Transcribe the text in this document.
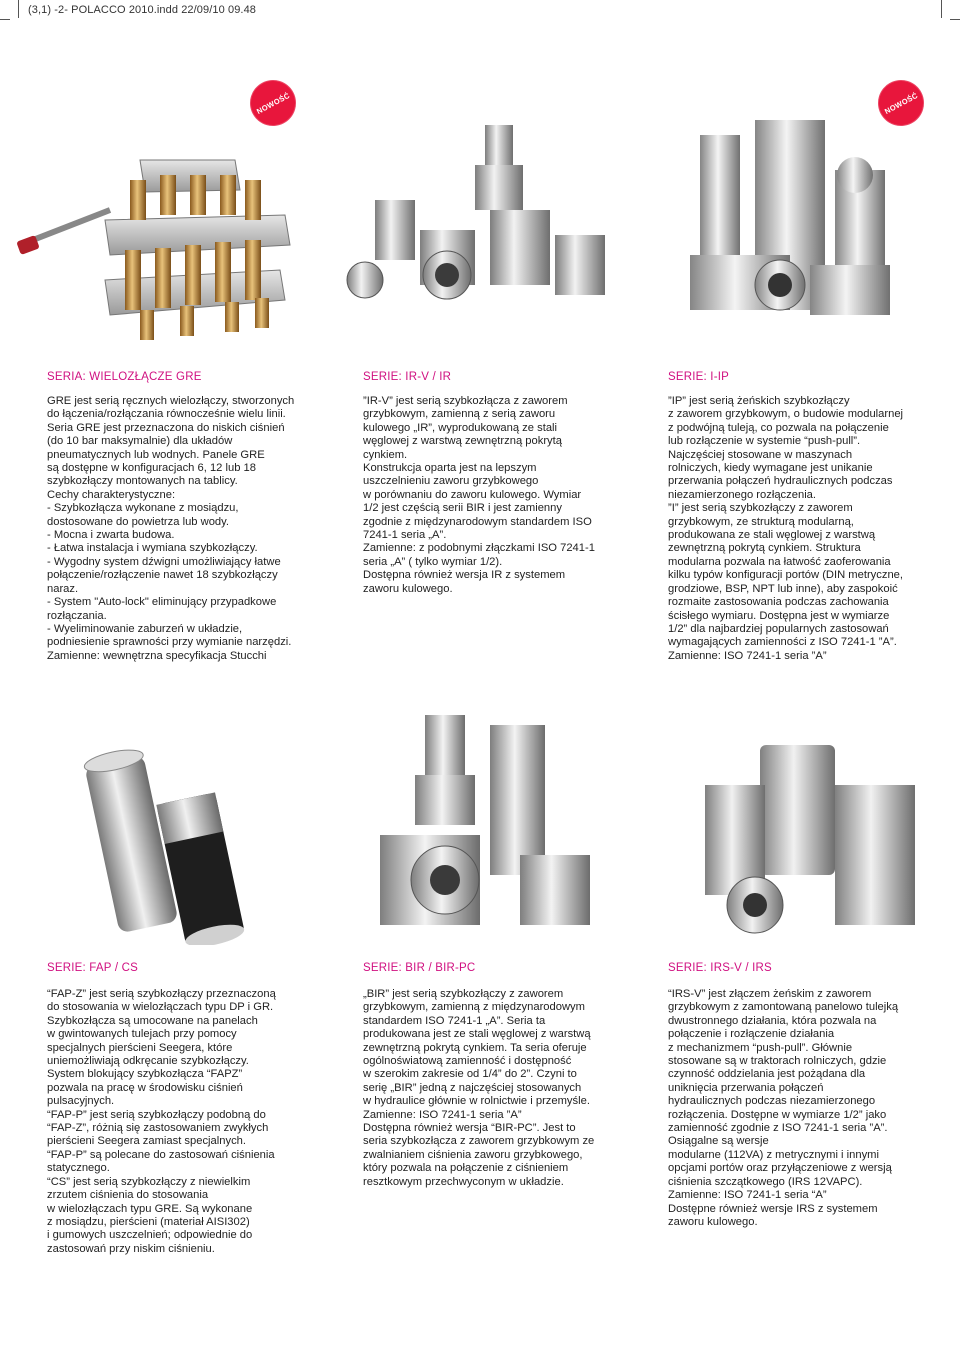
(3,1) -2- POLACCO 2010.indd 22/09/10 09.48
NOWOŚĆ	NOWOŚĆ
SERIA: WIELOZŁĄCZE GRE
GRE jest serią ręcznych wielozłączy, stworzonych
do łączenia/rozłączania równocześnie wielu linii.
Seria GRE jest przeznaczona do niskich ciśnień
(do 10 bar maksymalnie) dla układów
pneumatycznych lub wodnych. Panele GRE
są dostępne w konfiguracjach 6, 12 lub 18
szybkozłączy montowanych na tablicy.
Cechy charakterystyczne:
- Szybkozłącza wykonane z mosiądzu,
dostosowane do powietrza lub wody.
- Mocna i zwarta budowa.
- Łatwa instalacja i wymiana szybkozłączy.
- Wygodny system dźwigni umożliwiający łatwe
połączenie/rozłączenie nawet 18 szybkozłączy
naraz.
- System "Auto-lock" eliminujący przypadkowe
rozłączania.
- Wyeliminowanie zaburzeń w układzie,
podniesienie sprawności przy wymianie narzędzi.
Zamienne: wewnętrzna specyfikacja Stucchi
SERIE: IR-V / IR
”IR-V” jest serią szybkozłącza z zaworem
grzybkowym, zamienną z serią zaworu
kulowego „IR”, wyprodukowaną ze stali
węglowej z warstwą zewnętrzną pokrytą
cynkiem.
Konstrukcja oparta jest na lepszym
uszczelnieniu zaworu grzybkowego
w porównaniu do zaworu kulowego. Wymiar
1/2 jest częścią serii BIR i jest zamienny
zgodnie z międzynarodowym standardem ISO
7241-1 seria „A”.
Zamienne: z podobnymi złączkami ISO 7241-1
seria „A” ( tylko wymiar 1/2).
Dostępna również wersja IR z systemem
zaworu kulowego.
SERIE: I-IP
”IP” jest serią żeńskich szybkozłączy
z zaworem grzybkowym, o budowie modularnej
z podwójną tuleją, co pozwala na połączenie
lub rozłączenie w systemie “push-pull”.
Najczęściej stosowane w maszynach
rolniczych, kiedy wymagane jest unikanie
przerwania połączeń hydraulicznych podczas
niezamierzonego rozłączenia.
”I” jest serią szybkozłączy z zaworem
grzybkowym, ze strukturą modularną,
produkowana ze stali węglowej z warstwą
zewnętrzną pokrytą cynkiem. Struktura
modularna pozwala na łatwość zaoferowania
kilku typów konfiguracji portów (DIN metryczne,
grodziowe, BSP, NPT lub inne), aby zaspokoić
rozmaite zastosowania podczas zachowania
ścisłego wymiaru. Dostępna jest w wymiarze
1/2” dla najbardziej popularnych zastosowań
wymagających zamienności z ISO 7241-1 ”A”.
Zamienne: ISO 7241-1 seria ”A”
SERIE: FAP / CS
“FAP-Z” jest serią szybkozłączy przeznaczoną
do stosowania w wielozłączach typu DP i GR.
Szybkozłącza są umocowane na panelach
w gwintowanych tulejach przy pomocy
specjalnych pierścieni Seegera, które
uniemożliwiają odkręcanie szybkozłączy.
System blokujący szybkozłącza “FAPZ”
pozwala na pracę w środowisku ciśnień
pulsacyjnych.
“FAP-P” jest serią szybkozłączy podobną do
“FAP-Z”, różnią się zastosowaniem zwykłych
pierścieni Seegera zamiast specjalnych.
“FAP-P” są polecane do zastosowań ciśnienia
statycznego.
“CS” jest serią szybkozłączy z niewielkim
zrzutem ciśnienia do stosowania
w wielozłączach typu GRE. Są wykonane
z mosiądzu, pierścieni (materiał AISI302)
i gumowych uszczelnień; odpowiednie do
zastosowań przy niskim ciśnieniu.
SERIE: BIR / BIR-PC
„BIR” jest serią szybkozłączy z zaworem
grzybkowym, zamienną z międzynarodowym
standardem ISO 7241-1 „A”. Seria ta
produkowana jest ze stali węglowej z warstwą
zewnętrzną pokrytą cynkiem. Ta seria oferuje
ogólnoświatową zamienność i dostępność
w szerokim zakresie od 1/4” do 2”. Czyni to
serię „BIR” jedną z najczęściej stosowanych
w hydraulice głównie w rolnictwie i przemyśle.
Zamienne: ISO 7241-1 seria ”A”
Dostępna również wersja “BIR-PC”. Jest to
seria szybkozłącza z zaworem grzybkowym ze
zwalnianiem ciśnienia zaworu grzybkowego,
który pozwala na połączenie z ciśnieniem
resztkowym przechwyconym w układzie.
SERIE: IRS-V / IRS
“IRS-V” jest złączem żeńskim z zaworem
grzybkowym z zamontowaną panelowo tulejką
dwustronnego działania, która pozwala na
połączenie i rozłączenie działania
z mechanizmem “push-pull”. Głównie
stosowane są w traktorach rolniczych, gdzie
czynność oddzielania jest pożądana dla
uniknięcia przerwania połączeń
hydraulicznych podczas niezamierzonego
rozłączenia. Dostępne w wymiarze 1/2” jako
zamienność zgodnie z ISO 7241-1 seria ”A”.
Osiągalne są wersje
modularne (112VA) z metrycznymi i innymi
opcjami portów oraz przyłączeniowe z wersją
ciśnienia szczątkowego (IRS 12VAPC).
Zamienne: ISO 7241-1 seria “A”
Dostępne również wersje IRS z systemem
zaworu kulowego.
